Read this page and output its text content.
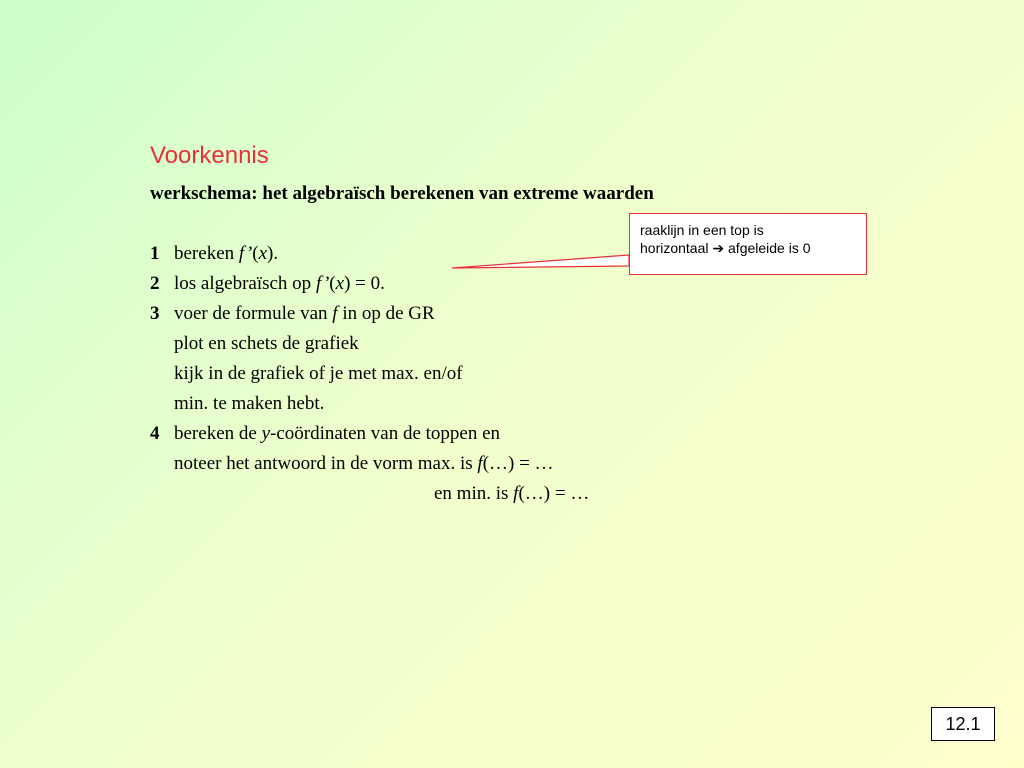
Voorkennis
werkschema: het algebraïsch berekenen van extreme waarden
1 bereken f’(x).
2 los algebraïsch op f’(x) = 0.
3 voer de formule van f in op de GR
plot en schets de grafiek
kijk in de grafiek of je met max. en/of
min. te maken hebt.
4 bereken de y-coördinaten van de toppen en
noteer het antwoord in de vorm max. is f(…) = …
en min. is f(…) = …
raaklijn in een top is
horizontaal ➔ afgeleide is 0
12.1
